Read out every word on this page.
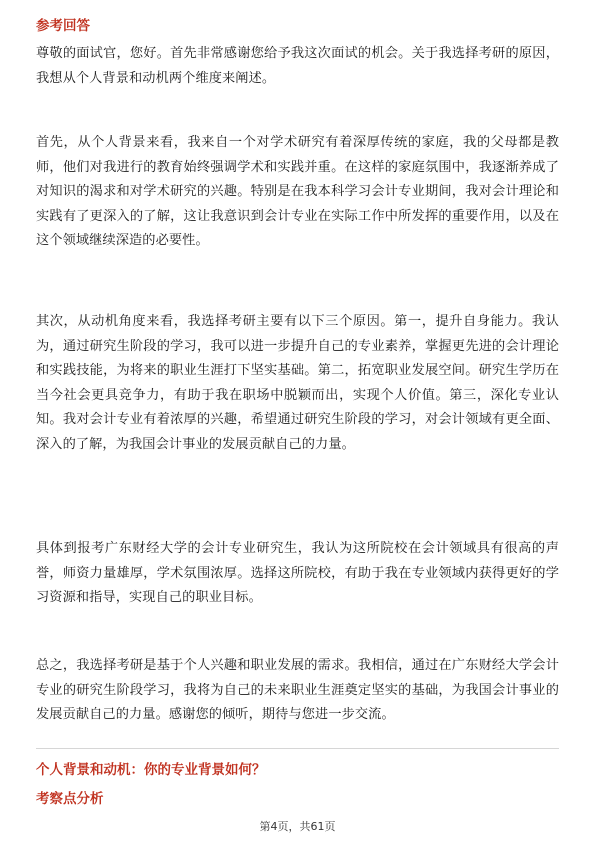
参考回答
尊敬的面试官，您好。首先非常感谢您给予我这次面试的机会。关于我选择考研的原因，我想从个人背景和动机两个维度来阐述。
首先，从个人背景来看，我来自一个对学术研究有着深厚传统的家庭，我的父母都是教师，他们对我进行的教育始终强调学术和实践并重。在这样的家庭氛围中，我逐渐养成了对知识的渴求和对学术研究的兴趣。特别是在我本科学习会计专业期间，我对会计理论和实践有了更深入的了解，这让我意识到会计专业在实际工作中所发挥的重要作用，以及在这个领域继续深造的必要性。
其次，从动机角度来看，我选择考研主要有以下三个原因。第一，提升自身能力。我认为，通过研究生阶段的学习，我可以进一步提升自己的专业素养，掌握更先进的会计理论和实践技能，为将来的职业生涯打下坚实基础。第二，拓宽职业发展空间。研究生学历在当今社会更具竞争力，有助于我在职场中脱颖而出，实现个人价值。第三，深化专业认知。我对会计专业有着浓厚的兴趣，希望通过研究生阶段的学习，对会计领域有更全面、深入的了解，为我国会计事业的发展贡献自己的力量。
具体到报考广东财经大学的会计专业研究生，我认为这所院校在会计领域具有很高的声誉，师资力量雄厚，学术氛围浓厚。选择这所院校，有助于我在专业领域内获得更好的学习资源和指导，实现自己的职业目标。
总之，我选择考研是基于个人兴趣和职业发展的需求。我相信，通过在广东财经大学会计专业的研究生阶段学习，我将为自己的未来职业生涯奠定坚实的基础，为我国会计事业的发展贡献自己的力量。感谢您的倾听，期待与您进一步交流。
个人背景和动机：你的专业背景如何？
考察点分析
第4页，共61页
